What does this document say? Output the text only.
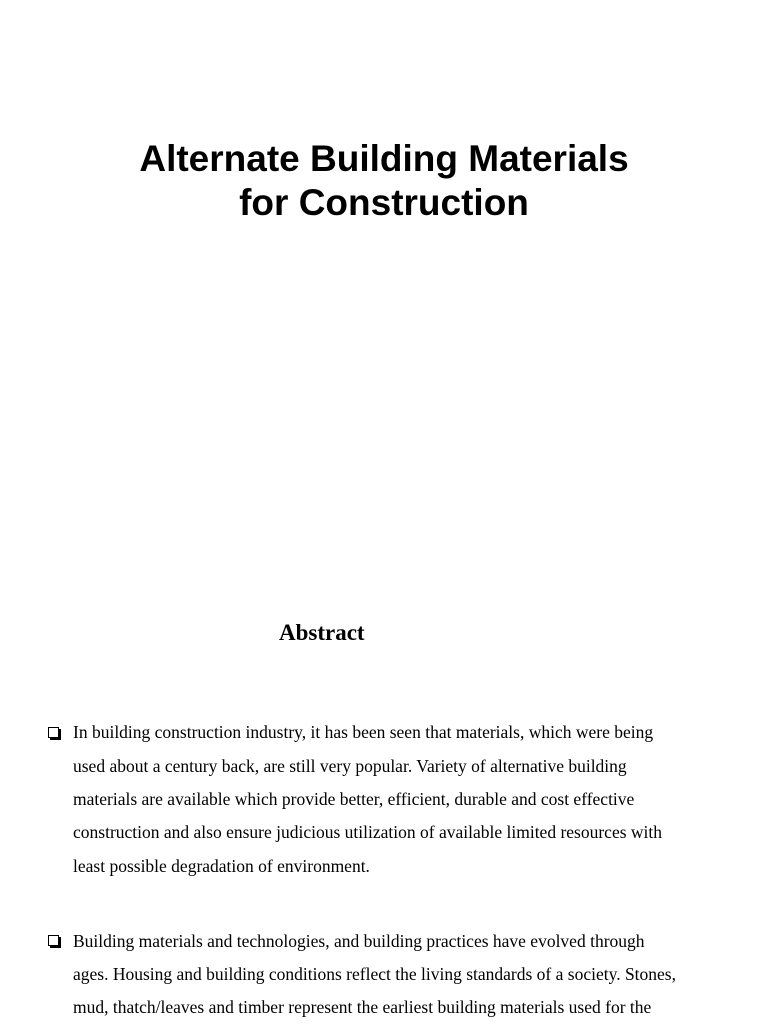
Alternate Building Materials
for Construction
Abstract
In building construction industry, it has been seen that materials, which were being
used about a century back, are still very popular. Variety of alternative building
materials are available which provide better, efficient, durable and cost effective
construction and also ensure judicious utilization of available limited resources with
least possible degradation of environment.
Building materials and technologies, and building practices have evolved through
ages. Housing and building conditions reflect the living standards of a society. Stones,
mud, thatch/leaves and timber represent the earliest building materials used for the
